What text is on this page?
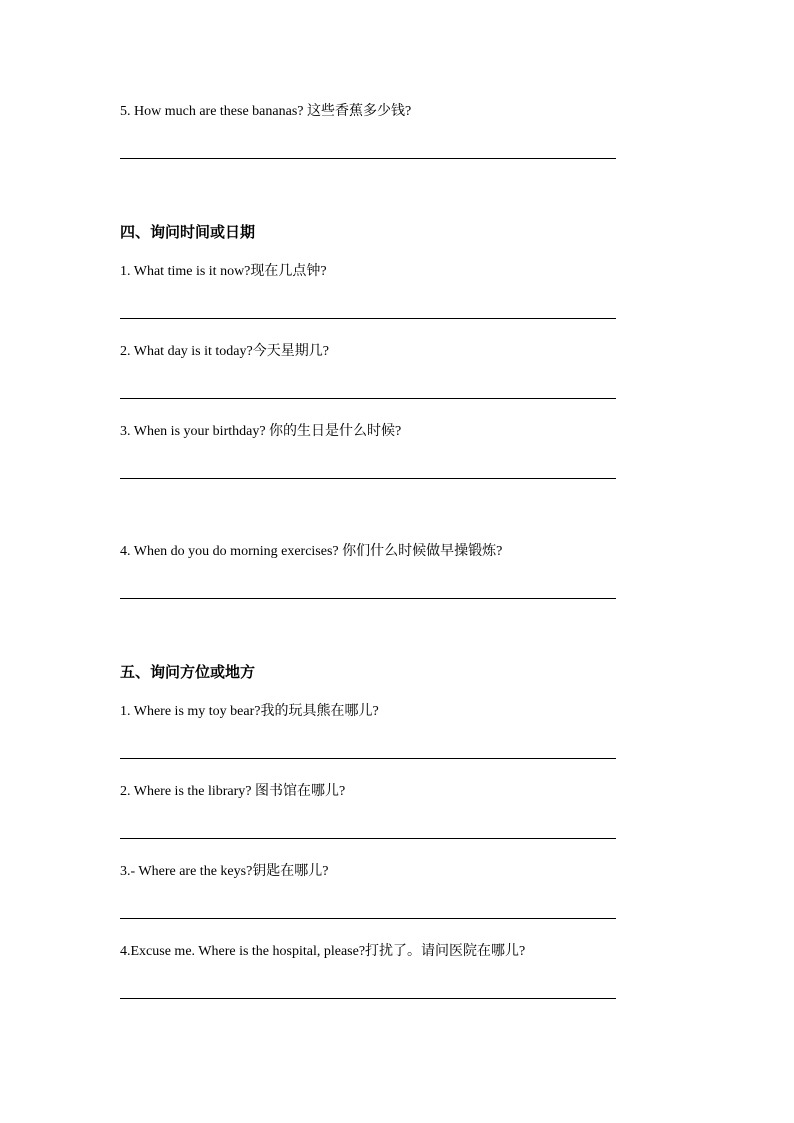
5. How much are these bananas? 这些香蕉多少钱?
四、询问时间或日期
1. What time is it now?现在几点钟?
2. What day is it today?今天星期几?
3. When is your birthday? 你的生日是什么时候?
4. When do you do morning exercises? 你们什么时候做早操锻炼?
五、询问方位或地方
1. Where is my toy bear?我的玩具熊在哪儿?
2. Where is the library? 图书馆在哪儿?
3.- Where are the keys?钥匙在哪儿?
4.Excuse me. Where is the hospital, please?打扰了。请问医院在哪儿?
